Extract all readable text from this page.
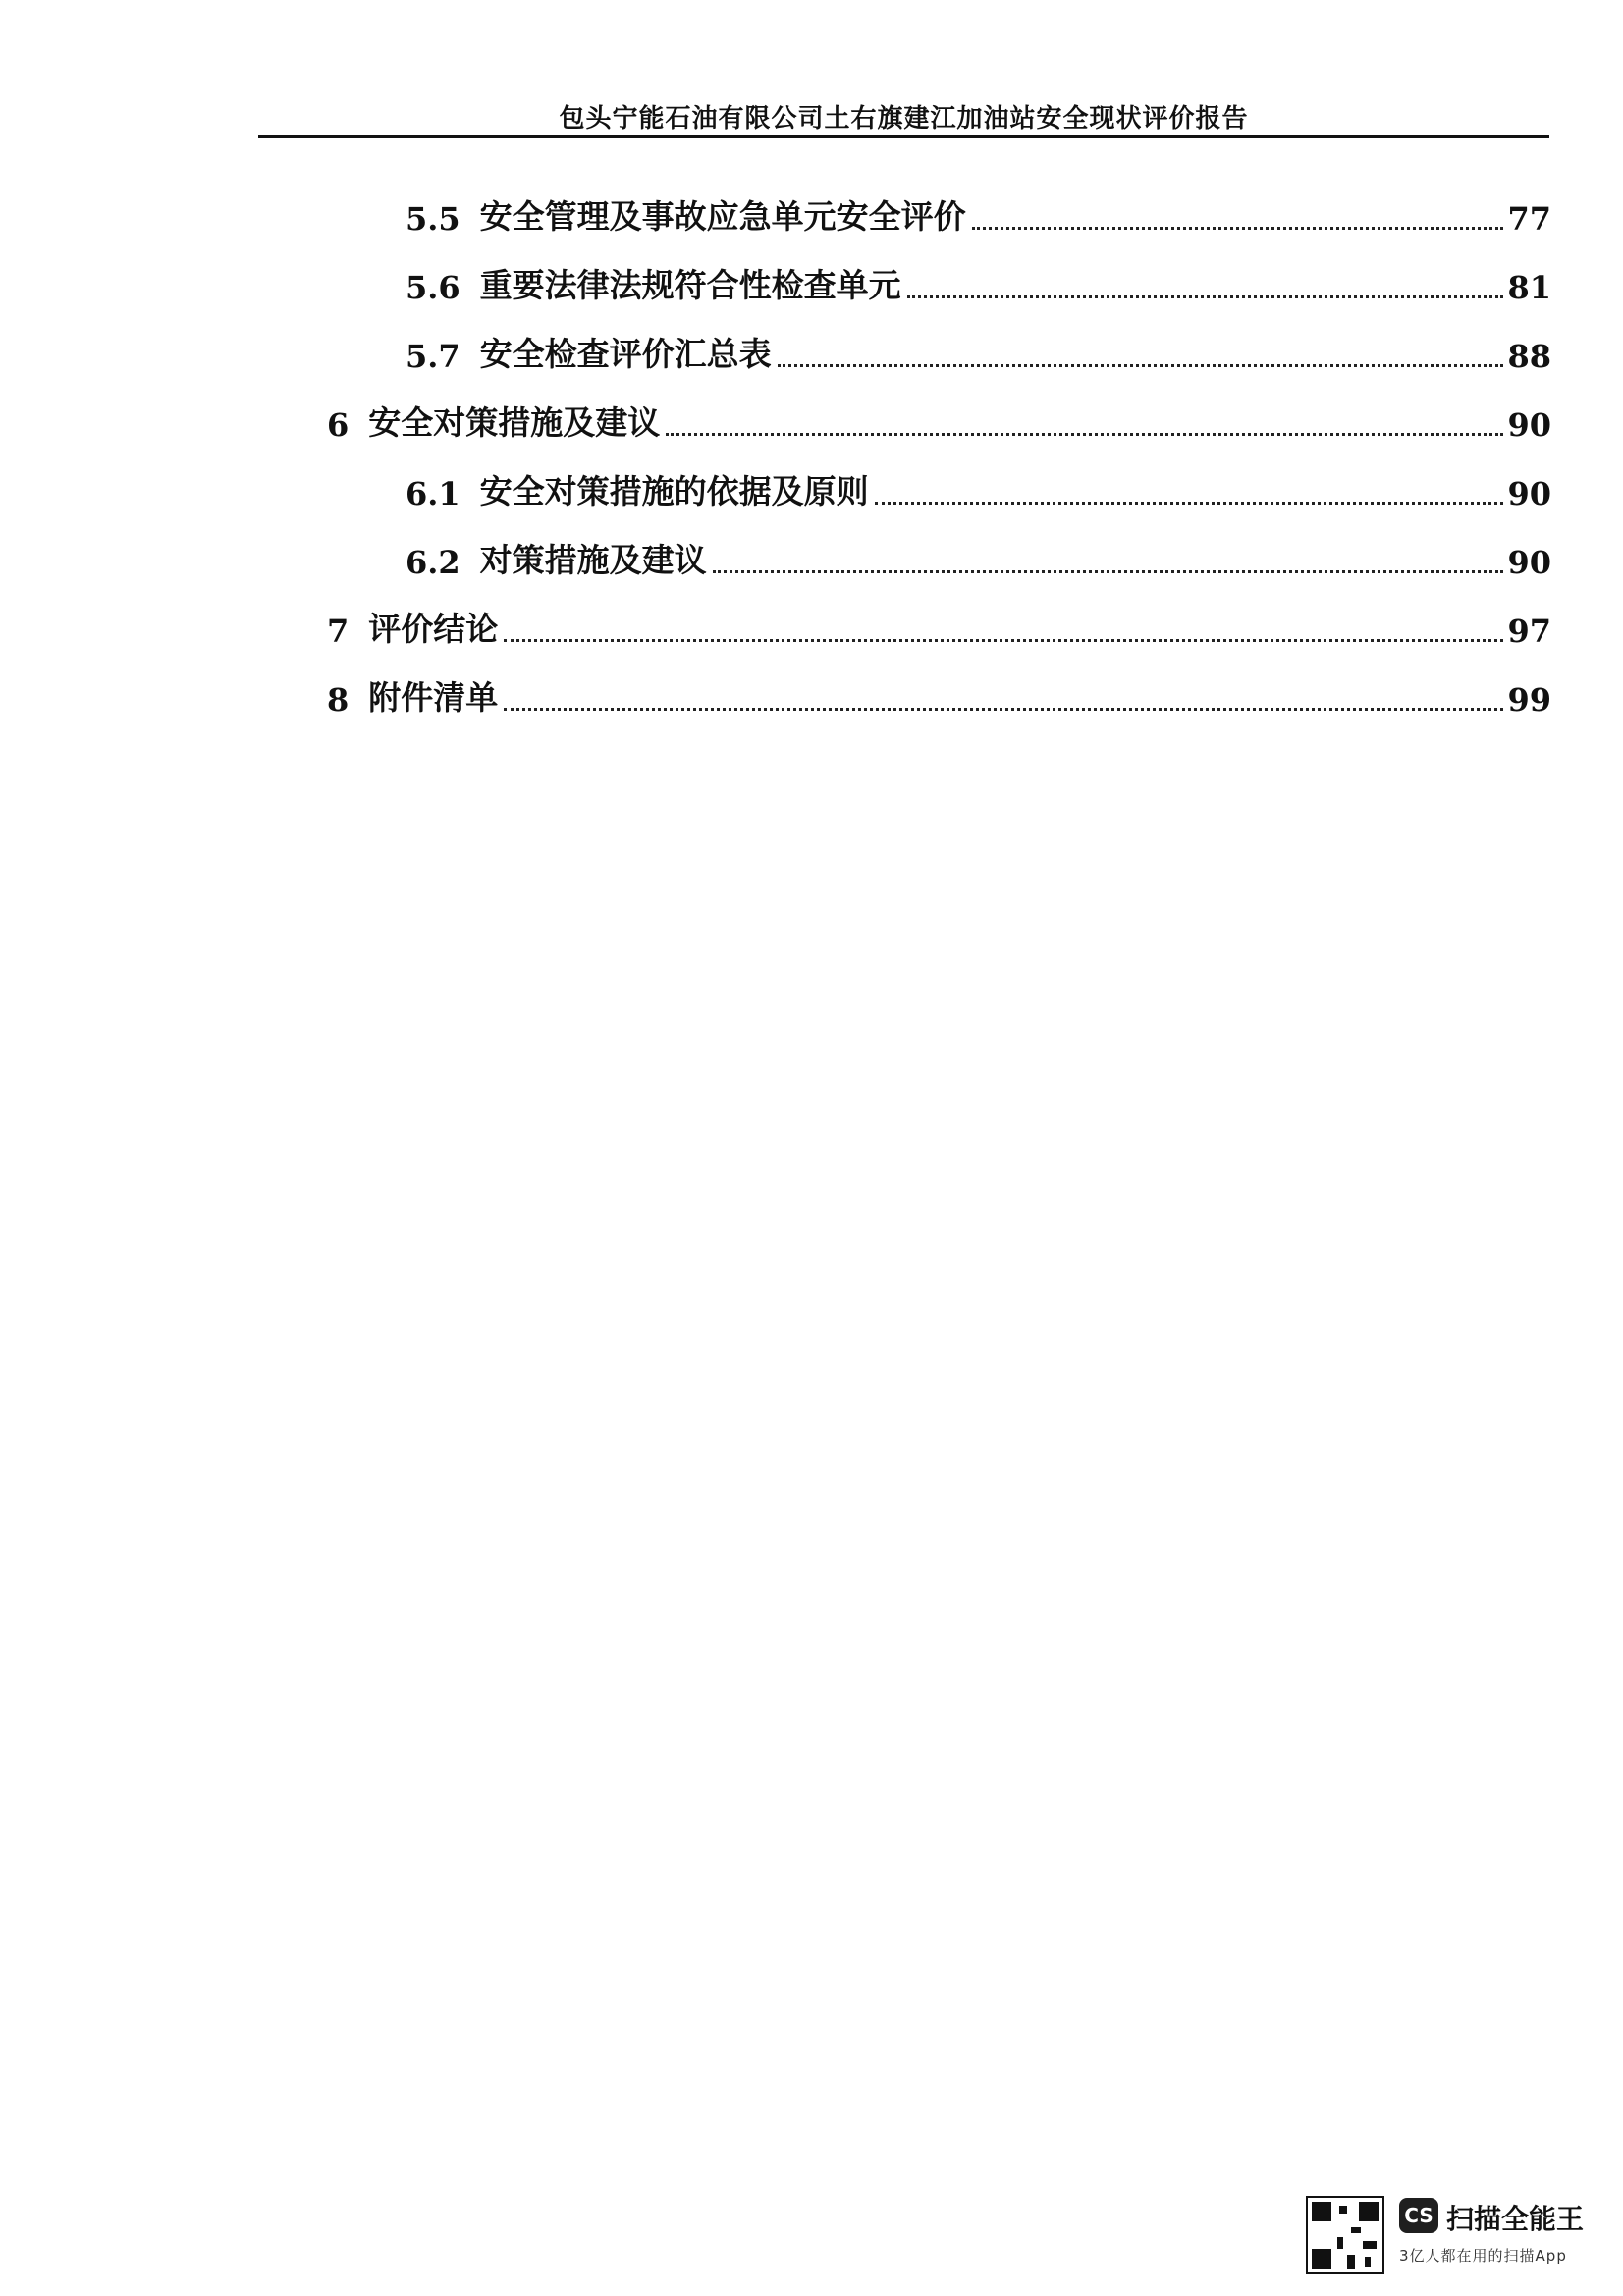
包头宁能石油有限公司土右旗建江加油站安全现状评价报告
5.5 安全管理及事故应急单元安全评价	77
5.6 重要法律法规符合性检查单元	81
5.7 安全检查评价汇总表	88
6 安全对策措施及建议	90
6.1 安全对策措施的依据及原则	90
6.2 对策措施及建议	90
7 评价结论	97
8 附件清单	99
CS 扫描全能王
3亿人都在用的扫描App
